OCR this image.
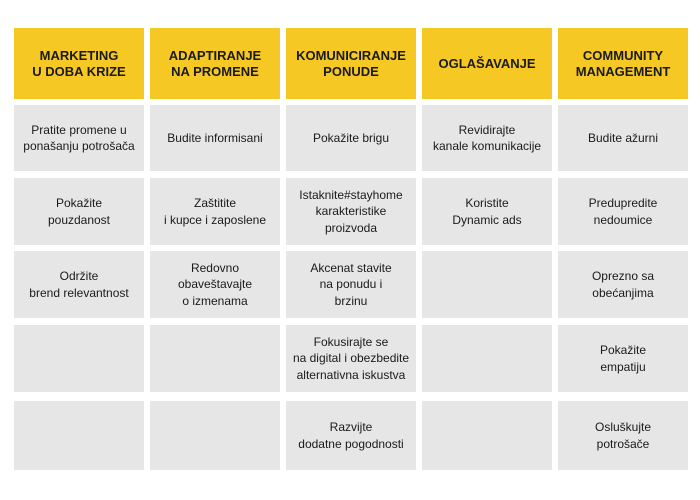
MARKETING
U DOBA KRIZE
ADAPTIRANJE
NA PROMENE
KOMUNICIRANJE
PONUDE
OGLAŠAVANJE
COMMUNITY
MANAGEMENT
Pratite promene u
ponašanju potrošača
Budite informisani	Pokažite brigu
Revidirajte
kanale komunikacije
Budite ažurni
Pokažite
pouzdanost
Zaštitite
i kupce i zaposlene
Istaknite#stayhome
karakteristike
proizvoda
Koristite
Dynamic ads
Predupredite
nedoumice
Održite
brend relevantnost
Redovno
obaveštavajte
o izmenama
Akcenat stavite
na ponudu i
brzinu
Oprezno sa
obećanjima
Fokusirajte se
na digital i obezbedite
alternativna iskustva
Pokažite
empatiju
Razvijte
dodatne pogodnosti
Osluškujte
potrošače
